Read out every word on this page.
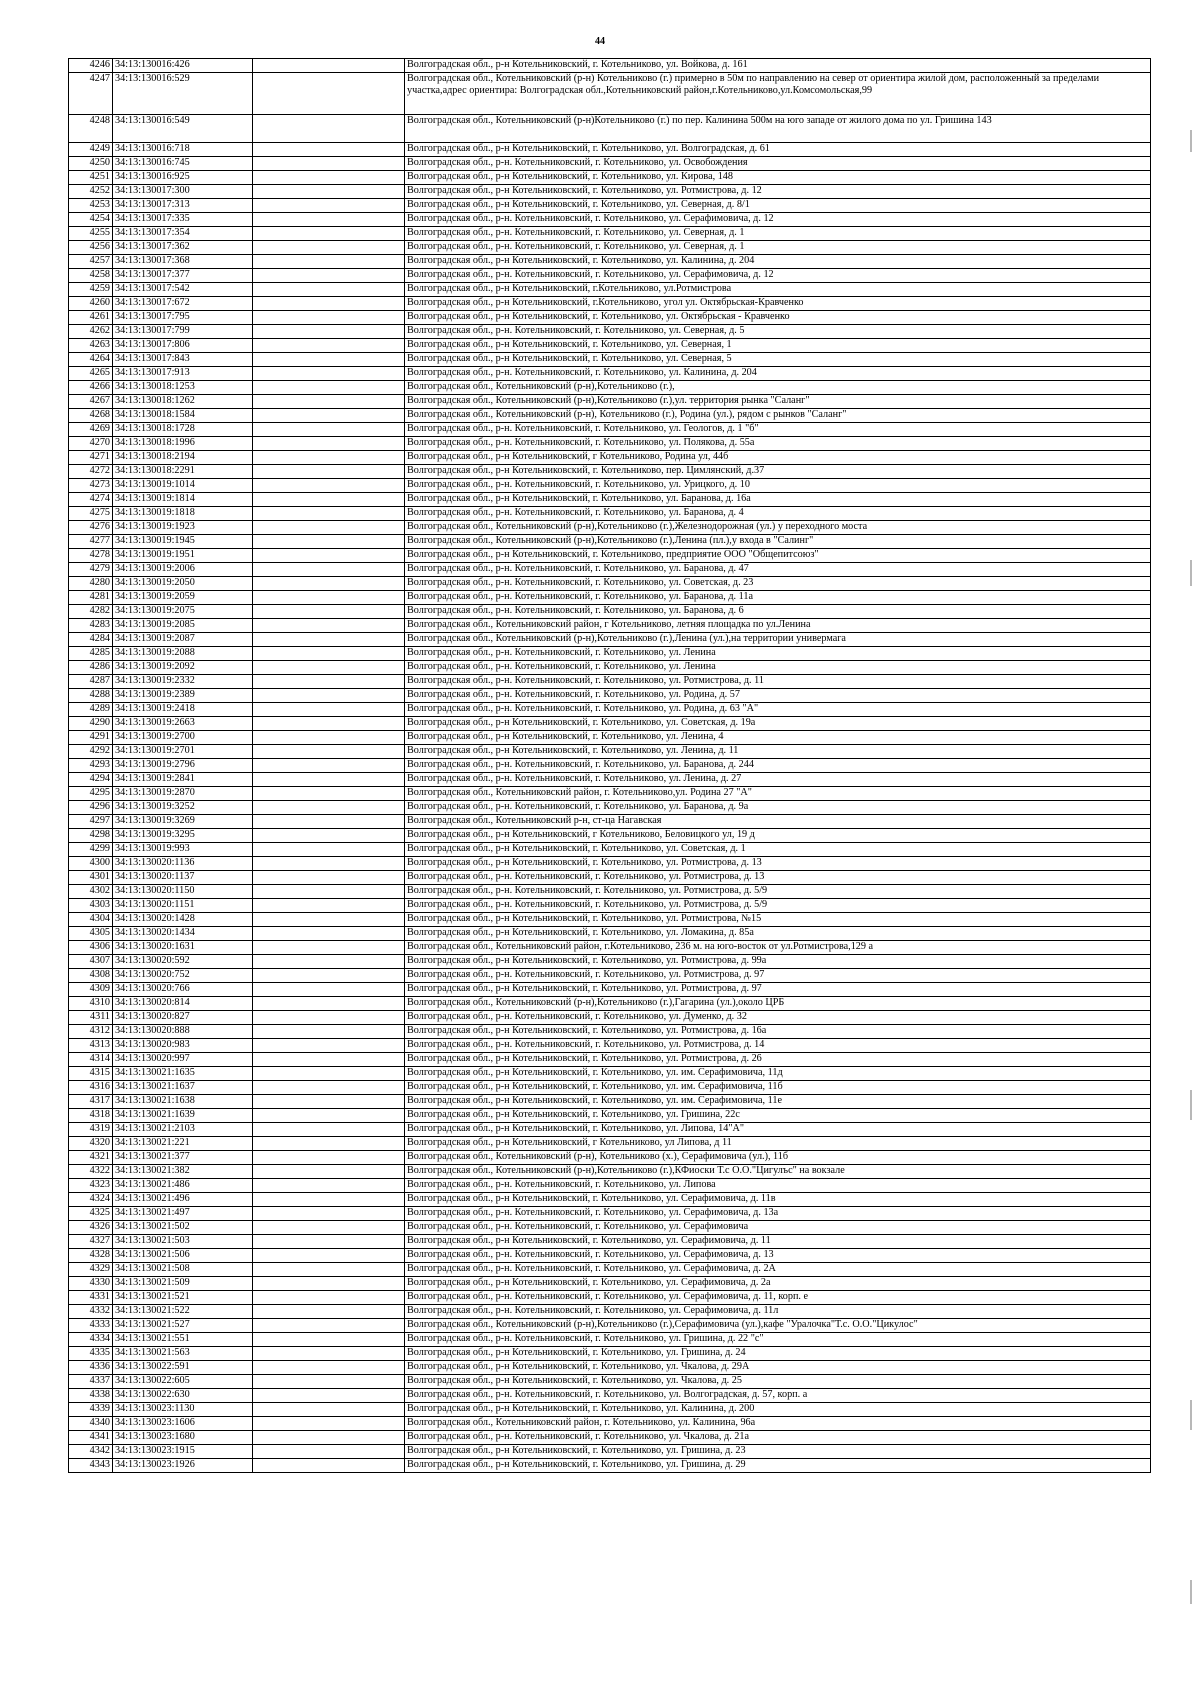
44
4246	34:13:130016:426		Волгоградская обл., р-н Котельниковский, г. Котельниково, ул. Войкова, д. 161
4247	34:13:130016:529		Волгоградская обл., Котельниковский (р-н) Котельниково (г.) примерно в 50м по направлению на север от ориентира жилой дом, расположенный за пределами участка,адрес ориентира: Волгоградская обл.,Котельниковский район,г.Котельниково,ул.Комсомольская,99
4248	34:13:130016:549		Волгоградская обл., Котельниковский (р-н)Котельниково (г.) по пер. Калинина 500м на юго западе от жилого дома по ул. Гришина 143
4249	34:13:130016:718		Волгоградская обл., р-н Котельниковский, г. Котельниково, ул. Волгоградская, д. 61
4250	34:13:130016:745		Волгоградская обл., р-н. Котельниковский, г. Котельниково, ул. Освобождения
4251	34:13:130016:925		Волгоградская обл., р-н Котельниковский, г. Котельниково, ул. Кирова, 148
4252	34:13:130017:300		Волгоградская обл., р-н Котельниковский, г. Котельниково, ул. Ротмистрова, д. 12
4253	34:13:130017:313		Волгоградская обл., р-н Котельниковский, г. Котельниково, ул. Северная, д. 8/1
4254	34:13:130017:335		Волгоградская обл., р-н. Котельниковский, г. Котельниково, ул. Серафимовича, д. 12
4255	34:13:130017:354		Волгоградская обл., р-н. Котельниковский, г. Котельниково, ул. Северная, д. 1
4256	34:13:130017:362		Волгоградская обл., р-н. Котельниковский, г. Котельниково, ул. Северная, д. 1
4257	34:13:130017:368		Волгоградская обл., р-н Котельниковский, г. Котельниково, ул. Калинина, д. 204
4258	34:13:130017:377		Волгоградская обл., р-н. Котельниковский, г. Котельниково, ул. Серафимовича, д. 12
4259	34:13:130017:542		Волгоградская обл., р-н Котельниковский, г.Котельниково, ул.Ротмистрова
4260	34:13:130017:672		Волгоградская обл., р-н Котельниковский, г.Котельниково, угол ул. Октябрьская-Кравченко
4261	34:13:130017:795		Волгоградская обл., р-н Котельниковский, г. Котельниково, ул. Октябрьская - Кравченко
4262	34:13:130017:799		Волгоградская обл., р-н. Котельниковский, г. Котельниково, ул. Северная, д. 5
4263	34:13:130017:806		Волгоградская обл., р-н Котельниковский, г. Котельниково, ул. Северная, 1
4264	34:13:130017:843		Волгоградская обл., р-н Котельниковский, г. Котельниково, ул. Северная, 5
4265	34:13:130017:913		Волгоградская обл., р-н. Котельниковский, г. Котельниково, ул. Калинина, д. 204
4266	34:13:130018:1253		Волгоградская обл., Котельниковский (р-н),Котельниково (г.),
4267	34:13:130018:1262		Волгоградская обл., Котельниковский (р-н),Котельниково (г.),ул. территория рынка "Саланг"
4268	34:13:130018:1584		Волгоградская обл., Котельниковский (р-н), Котельниково (г.), Родина (ул.), рядом с рынков "Саланг"
4269	34:13:130018:1728		Волгоградская обл., р-н. Котельниковский, г. Котельниково, ул. Геологов, д. 1 "б"
4270	34:13:130018:1996		Волгоградская обл., р-н. Котельниковский, г. Котельниково, ул. Полякова, д. 55а
4271	34:13:130018:2194		Волгоградская обл., р-н Котельниковский, г Котельниково, Родина ул, 44б
4272	34:13:130018:2291		Волгоградская обл., р-н Котельниковский, г. Котельниково, пер. Цимлянский, д.37
4273	34:13:130019:1014		Волгоградская обл., р-н. Котельниковский, г. Котельниково, ул. Урицкого, д. 10
4274	34:13:130019:1814		Волгоградская обл., р-н Котельниковский, г. Котельниково, ул. Баранова, д. 16а
4275	34:13:130019:1818		Волгоградская обл., р-н. Котельниковский, г. Котельниково, ул. Баранова, д. 4
4276	34:13:130019:1923		Волгоградская обл., Котельниковский (р-н),Котельниково (г.),Железнодорожная (ул.) у переходного моста
4277	34:13:130019:1945		Волгоградская обл., Котельниковский (р-н),Котельниково (г.),Ленина (пл.),у входа в "Салинг"
4278	34:13:130019:1951		Волгоградская обл., р-н Котельниковский, г. Котельниково, предприятие ООО "Общепитсоюз"
4279	34:13:130019:2006		Волгоградская обл., р-н. Котельниковский, г. Котельниково, ул. Баранова, д. 47
4280	34:13:130019:2050		Волгоградская обл., р-н. Котельниковский, г. Котельниково, ул. Советская, д. 23
4281	34:13:130019:2059		Волгоградская обл., р-н. Котельниковский, г. Котельниково, ул. Баранова, д. 11а
4282	34:13:130019:2075		Волгоградская обл., р-н. Котельниковский, г. Котельниково, ул. Баранова, д. 6
4283	34:13:130019:2085		Волгоградская обл., Котельниковский район, г Котельниково, летняя площадка по ул.Ленина
4284	34:13:130019:2087		Волгоградская обл., Котельниковский (р-н),Котельниково (г.),Ленина (ул.),на территории универмага
4285	34:13:130019:2088		Волгоградская обл., р-н. Котельниковский, г. Котельниково, ул. Ленина
4286	34:13:130019:2092		Волгоградская обл., р-н. Котельниковский, г. Котельниково, ул. Ленина
4287	34:13:130019:2332		Волгоградская обл., р-н. Котельниковский, г. Котельниково, ул. Ротмистрова, д. 11
4288	34:13:130019:2389		Волгоградская обл., р-н. Котельниковский, г. Котельниково, ул. Родина, д. 57
4289	34:13:130019:2418		Волгоградская обл., р-н. Котельниковский, г. Котельниково, ул. Родина, д. 63 "А"
4290	34:13:130019:2663		Волгоградская обл., р-н Котельниковский, г. Котельниково, ул. Советская, д. 19а
4291	34:13:130019:2700		Волгоградская обл., р-н Котельниковский, г. Котельниково, ул. Ленина, 4
4292	34:13:130019:2701		Волгоградская обл., р-н Котельниковский, г. Котельниково, ул. Ленина, д. 11
4293	34:13:130019:2796		Волгоградская обл., р-н. Котельниковский, г. Котельниково, ул. Баранова, д. 244
4294	34:13:130019:2841		Волгоградская обл., р-н. Котельниковский, г. Котельниково, ул. Ленина, д. 27
4295	34:13:130019:2870		Волгоградская обл., Котельниковский район, г. Котельниково,ул. Родина 27 "А"
4296	34:13:130019:3252		Волгоградская обл., р-н. Котельниковский, г. Котельниково, ул. Баранова, д. 9а
4297	34:13:130019:3269		Волгоградская обл., Котельниковский р-н, ст-ца Нагавская
4298	34:13:130019:3295		Волгоградская обл., р-н Котельниковский, г Котельниково, Беловицкого ул, 19 д
4299	34:13:130019:993		Волгоградская обл., р-н Котельниковский, г. Котельниково, ул. Советская, д. 1
4300	34:13:130020:1136		Волгоградская обл., р-н Котельниковский, г. Котельниково, ул. Ротмистрова, д. 13
4301	34:13:130020:1137		Волгоградская обл., р-н. Котельниковский, г. Котельниково, ул. Ротмистрова, д. 13
4302	34:13:130020:1150		Волгоградская обл., р-н. Котельниковский, г. Котельниково, ул. Ротмистрова, д. 5/9
4303	34:13:130020:1151		Волгоградская обл., р-н. Котельниковский, г. Котельниково, ул. Ротмистрова, д. 5/9
4304	34:13:130020:1428		Волгоградская обл., р-н Котельниковский, г. Котельниково, ул. Ротмистрова, №15
4305	34:13:130020:1434		Волгоградская обл., р-н Котельниковский, г. Котельниково, ул. Ломакина, д. 85а
4306	34:13:130020:1631		Волгоградская обл., Котельниковский район, г.Котельниково, 236 м. на юго-восток от ул.Ротмистрова,129 а
4307	34:13:130020:592		Волгоградская обл., р-н Котельниковский, г. Котельниково, ул. Ротмистрова, д. 99а
4308	34:13:130020:752		Волгоградская обл., р-н. Котельниковский, г. Котельниково, ул. Ротмистрова, д. 97
4309	34:13:130020:766		Волгоградская обл., р-н Котельниковский, г. Котельниково, ул. Ротмистрова, д. 97
4310	34:13:130020:814		Волгоградская обл., Котельниковский (р-н),Котельниково (г.),Гагарина (ул.),около ЦРБ
4311	34:13:130020:827		Волгоградская обл., р-н. Котельниковский, г. Котельниково, ул. Думенко, д. 32
4312	34:13:130020:888		Волгоградская обл., р-н Котельниковский, г. Котельниково, ул. Ротмистрова, д. 16а
4313	34:13:130020:983		Волгоградская обл., р-н. Котельниковский, г. Котельниково, ул. Ротмистрова, д. 14
4314	34:13:130020:997		Волгоградская обл., р-н Котельниковский, г. Котельниково, ул. Ротмистрова, д. 26
4315	34:13:130021:1635		Волгоградская обл., р-н Котельниковский, г. Котельниково, ул. им. Серафимовича, 11д
4316	34:13:130021:1637		Волгоградская обл., р-н Котельниковский, г. Котельниково, ул. им. Серафимовича, 11б
4317	34:13:130021:1638		Волгоградская обл., р-н Котельниковский, г. Котельниково, ул. им. Серафимовича, 11е
4318	34:13:130021:1639		Волгоградская обл., р-н Котельниковский, г. Котельниково, ул. Гришина, 22с
4319	34:13:130021:2103		Волгоградская обл., р-н Котельниковский, г. Котельниково, ул. Липова, 14"А"
4320	34:13:130021:221		Волгоградская обл., р-н Котельниковский, г Котельниково, ул Липова, д 11
4321	34:13:130021:377		Волгоградская обл., Котельниковский (р-н), Котельниково (х.), Серафимовича (ул.), 11б
4322	34:13:130021:382		Волгоградская обл., Котельниковский (р-н),Котельниково (г.),КФиоски Т.с О.О."Цигулъс" на вокзале
4323	34:13:130021:486		Волгоградская обл., р-н. Котельниковский, г. Котельниково, ул. Липова
4324	34:13:130021:496		Волгоградская обл., р-н Котельниковский, г. Котельниково, ул. Серафимовича, д. 11в
4325	34:13:130021:497		Волгоградская обл., р-н. Котельниковский, г. Котельниково, ул. Серафимовича, д. 13а
4326	34:13:130021:502		Волгоградская обл., р-н. Котельниковский, г. Котельниково, ул. Серафимовича
4327	34:13:130021:503		Волгоградская обл., р-н Котельниковский, г. Котельниково, ул. Серафимовича, д. 11
4328	34:13:130021:506		Волгоградская обл., р-н. Котельниковский, г. Котельниково, ул. Серафимовича, д. 13
4329	34:13:130021:508		Волгоградская обл., р-н. Котельниковский, г. Котельниково, ул. Серафимовича, д. 2А
4330	34:13:130021:509		Волгоградская обл., р-н Котельниковский, г. Котельниково, ул. Серафимовича, д. 2а
4331	34:13:130021:521		Волгоградская обл., р-н. Котельниковский, г. Котельниково, ул. Серафимовича, д. 11, корп. е
4332	34:13:130021:522		Волгоградская обл., р-н. Котельниковский, г. Котельниково, ул. Серафимовича, д. 11л
4333	34:13:130021:527		Волгоградская обл., Котельниковский (р-н),Котельниково (г.),Серафимовича (ул.),кафе "Уралочка"Т.с. О.О."Цикулос"
4334	34:13:130021:551		Волгоградская обл., р-н. Котельниковский, г. Котельниково, ул. Гришина, д. 22 "с"
4335	34:13:130021:563		Волгоградская обл., р-н Котельниковский, г. Котельниково, ул. Гришина, д. 24
4336	34:13:130022:591		Волгоградская обл., р-н Котельниковский, г. Котельниково, ул. Чкалова, д. 29А
4337	34:13:130022:605		Волгоградская обл., р-н Котельниковский, г. Котельниково, ул. Чкалова, д. 25
4338	34:13:130022:630		Волгоградская обл., р-н. Котельниковский, г. Котельниково, ул. Волгоградская, д. 57, корп. а
4339	34:13:130023:1130		Волгоградская обл., р-н Котельниковский, г. Котельниково, ул. Калинина, д. 200
4340	34:13:130023:1606		Волгоградская обл., Котельниковский район, г. Котельниково, ул. Калинина, 96а
4341	34:13:130023:1680		Волгоградская обл., р-н. Котельниковский, г. Котельниково, ул. Чкалова, д. 21а
4342	34:13:130023:1915		Волгоградская обл., р-н Котельниковский, г. Котельниково, ул. Гришина, д. 23
4343	34:13:130023:1926		Волгоградская обл., р-н Котельниковский, г. Котельниково, ул. Гришина, д. 29
